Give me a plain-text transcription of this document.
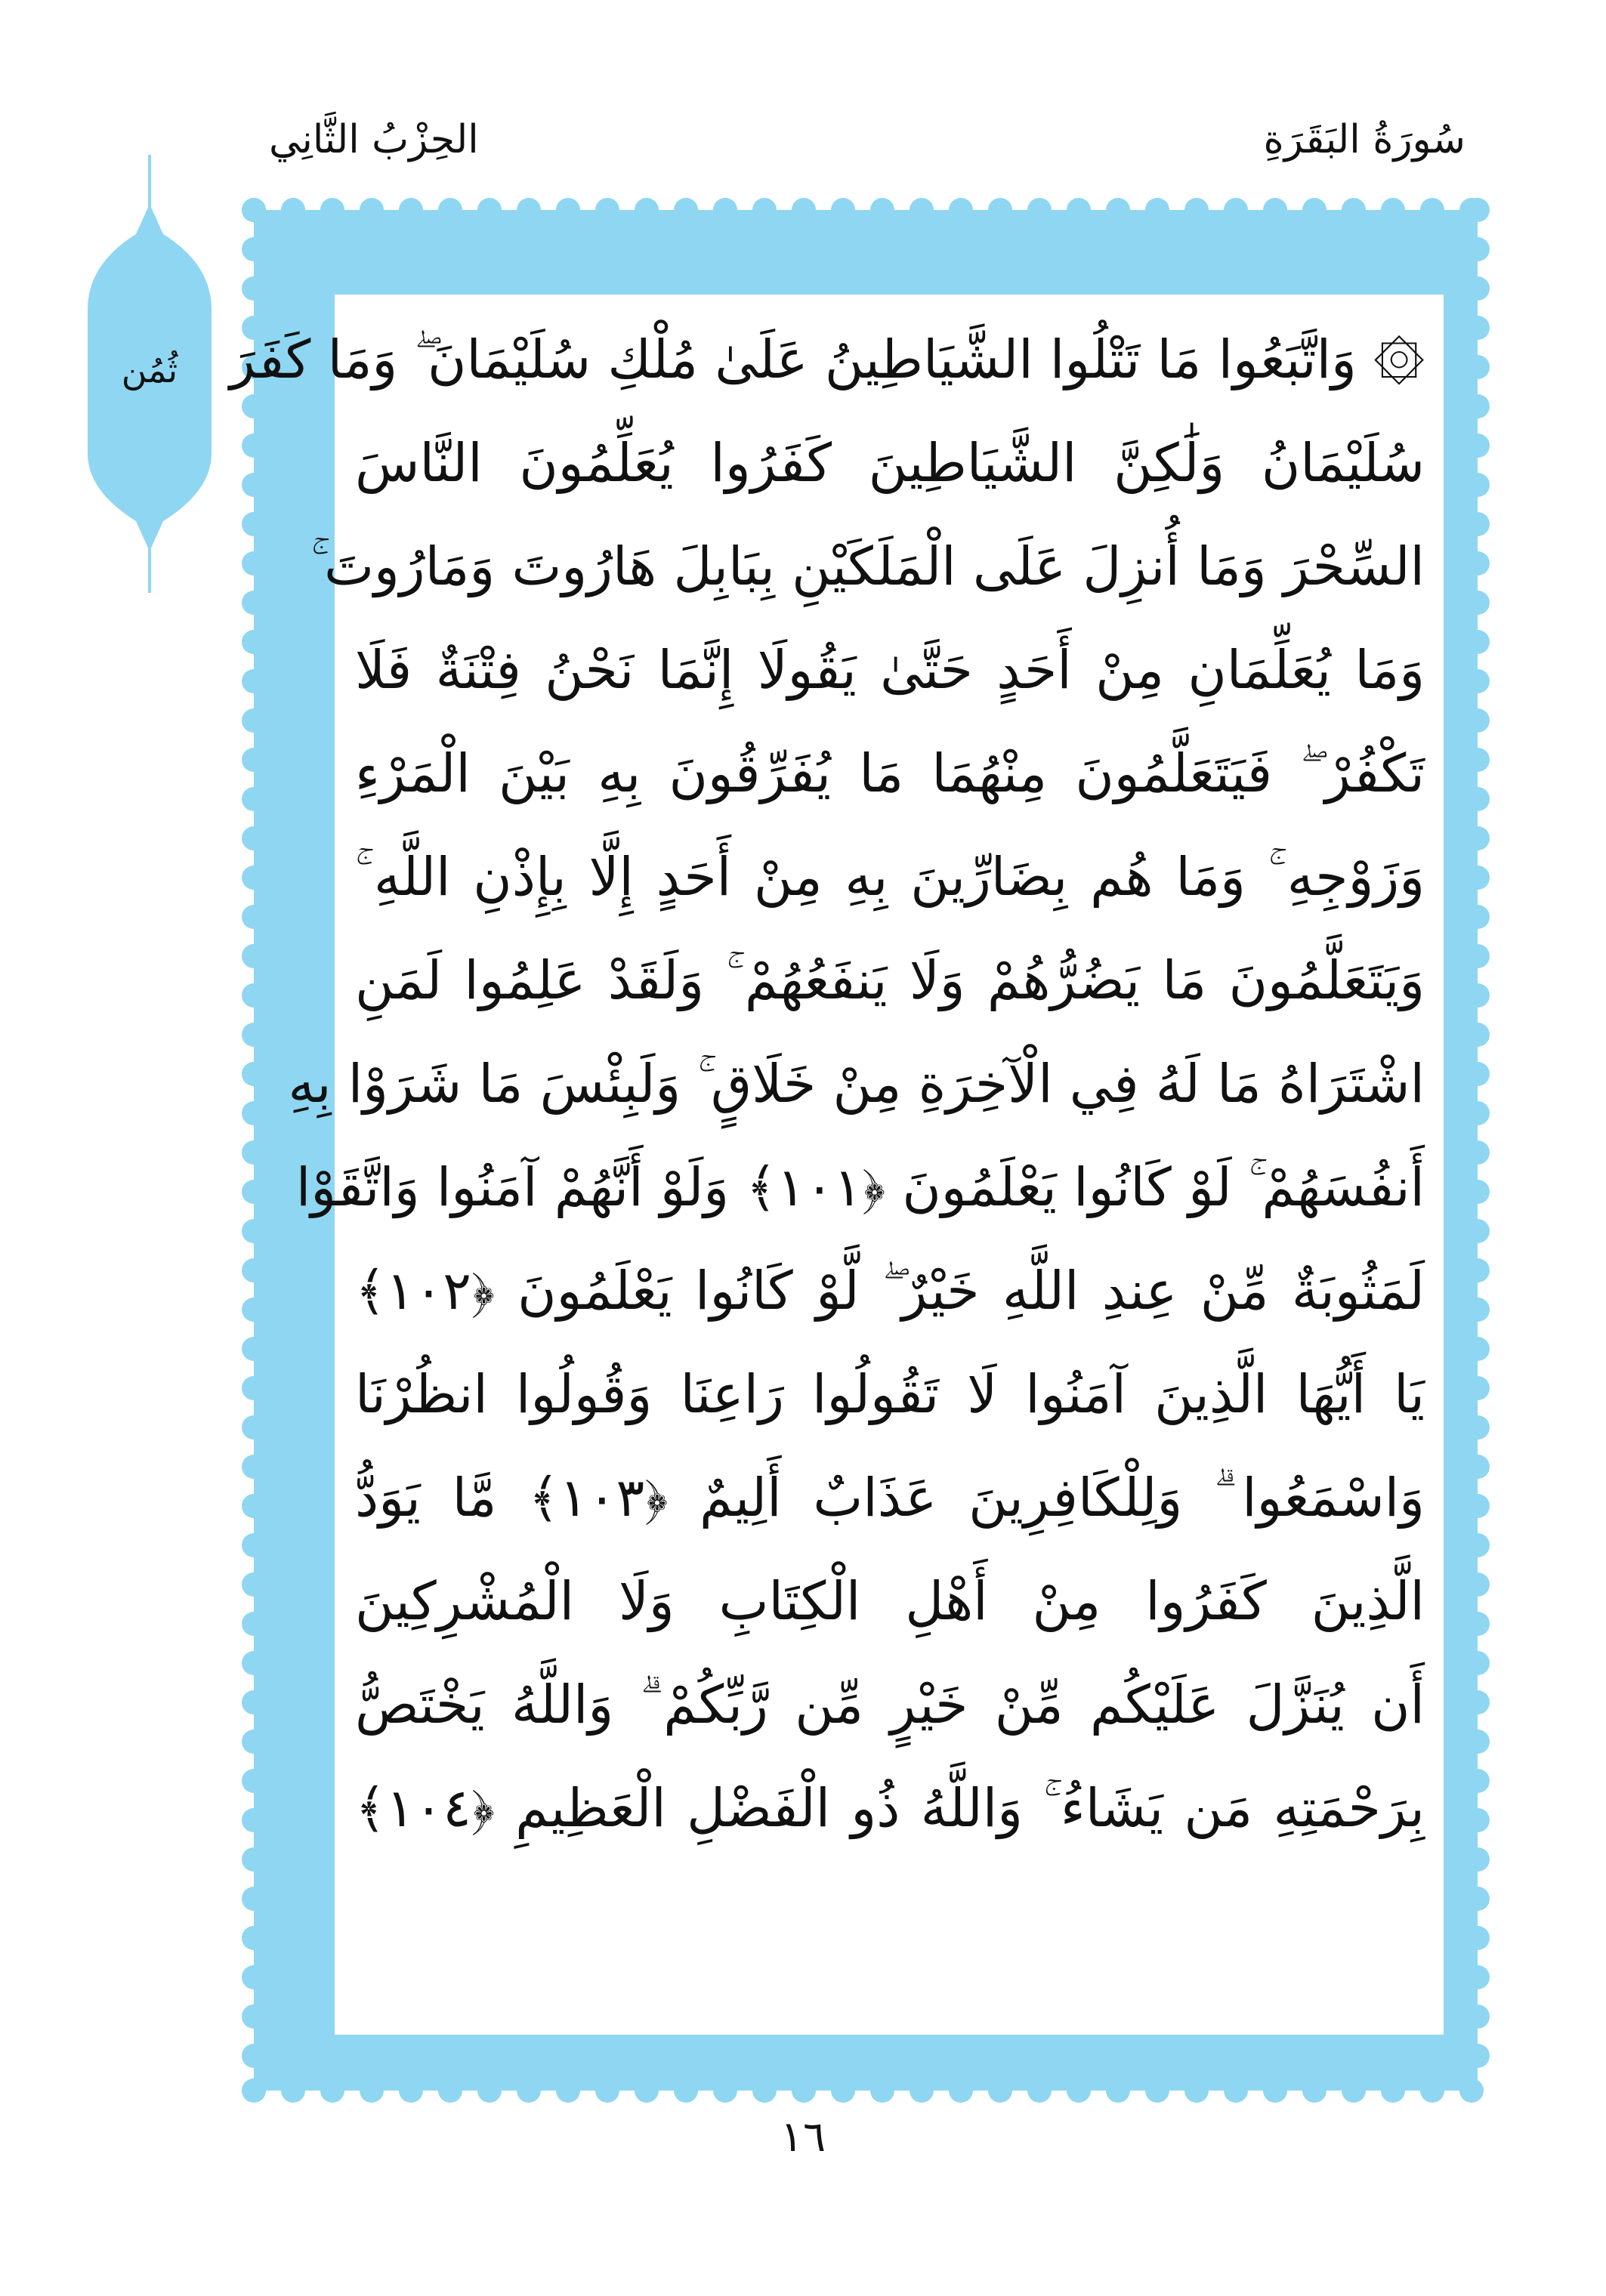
سُورَةُ البَقَرَةِ
الحِزْبُ الثَّانِي
ثُمُن ۞ وَاتَّبَعُوا مَا تَتْلُوا الشَّيَاطِينُ عَلَىٰ مُلْكِ سُلَيْمَانَ ۖ وَمَا كَفَرَ
سُلَيْمَانُ وَلَٰكِنَّ الشَّيَاطِينَ كَفَرُوا يُعَلِّمُونَ النَّاسَ
السِّحْرَ وَمَا أُنزِلَ عَلَى الْمَلَكَيْنِ بِبَابِلَ هَارُوتَ وَمَارُوتَ ۚ
وَمَا يُعَلِّمَانِ مِنْ أَحَدٍ حَتَّىٰ يَقُولَا إِنَّمَا نَحْنُ فِتْنَةٌ فَلَا
تَكْفُرْ ۖ فَيَتَعَلَّمُونَ مِنْهُمَا مَا يُفَرِّقُونَ بِهِ بَيْنَ الْمَرْءِ
وَزَوْجِهِ ۚ وَمَا هُم بِضَارِّينَ بِهِ مِنْ أَحَدٍ إِلَّا بِإِذْنِ اللَّهِ ۚ
وَيَتَعَلَّمُونَ مَا يَضُرُّهُمْ وَلَا يَنفَعُهُمْ ۚ وَلَقَدْ عَلِمُوا لَمَنِ
اشْتَرَاهُ مَا لَهُ فِي الْآخِرَةِ مِنْ خَلَاقٍ ۚ وَلَبِئْسَ مَا شَرَوْا بِهِ
أَنفُسَهُمْ ۚ لَوْ كَانُوا يَعْلَمُونَ ﴿١٠١﴾ وَلَوْ أَنَّهُمْ آمَنُوا وَاتَّقَوْا
لَمَثُوبَةٌ مِّنْ عِندِ اللَّهِ خَيْرٌ ۖ لَّوْ كَانُوا يَعْلَمُونَ ﴿١٠٢﴾
يَا أَيُّهَا الَّذِينَ آمَنُوا لَا تَقُولُوا رَاعِنَا وَقُولُوا انظُرْنَا
وَاسْمَعُوا ۗ وَلِلْكَافِرِينَ عَذَابٌ أَلِيمٌ ﴿١٠٣﴾ مَّا يَوَدُّ
الَّذِينَ كَفَرُوا مِنْ أَهْلِ الْكِتَابِ وَلَا الْمُشْرِكِينَ
أَن يُنَزَّلَ عَلَيْكُم مِّنْ خَيْرٍ مِّن رَّبِّكُمْ ۗ وَاللَّهُ يَخْتَصُّ
بِرَحْمَتِهِ مَن يَشَاءُ ۚ وَاللَّهُ ذُو الْفَضْلِ الْعَظِيمِ ﴿١٠٤﴾
١٦
